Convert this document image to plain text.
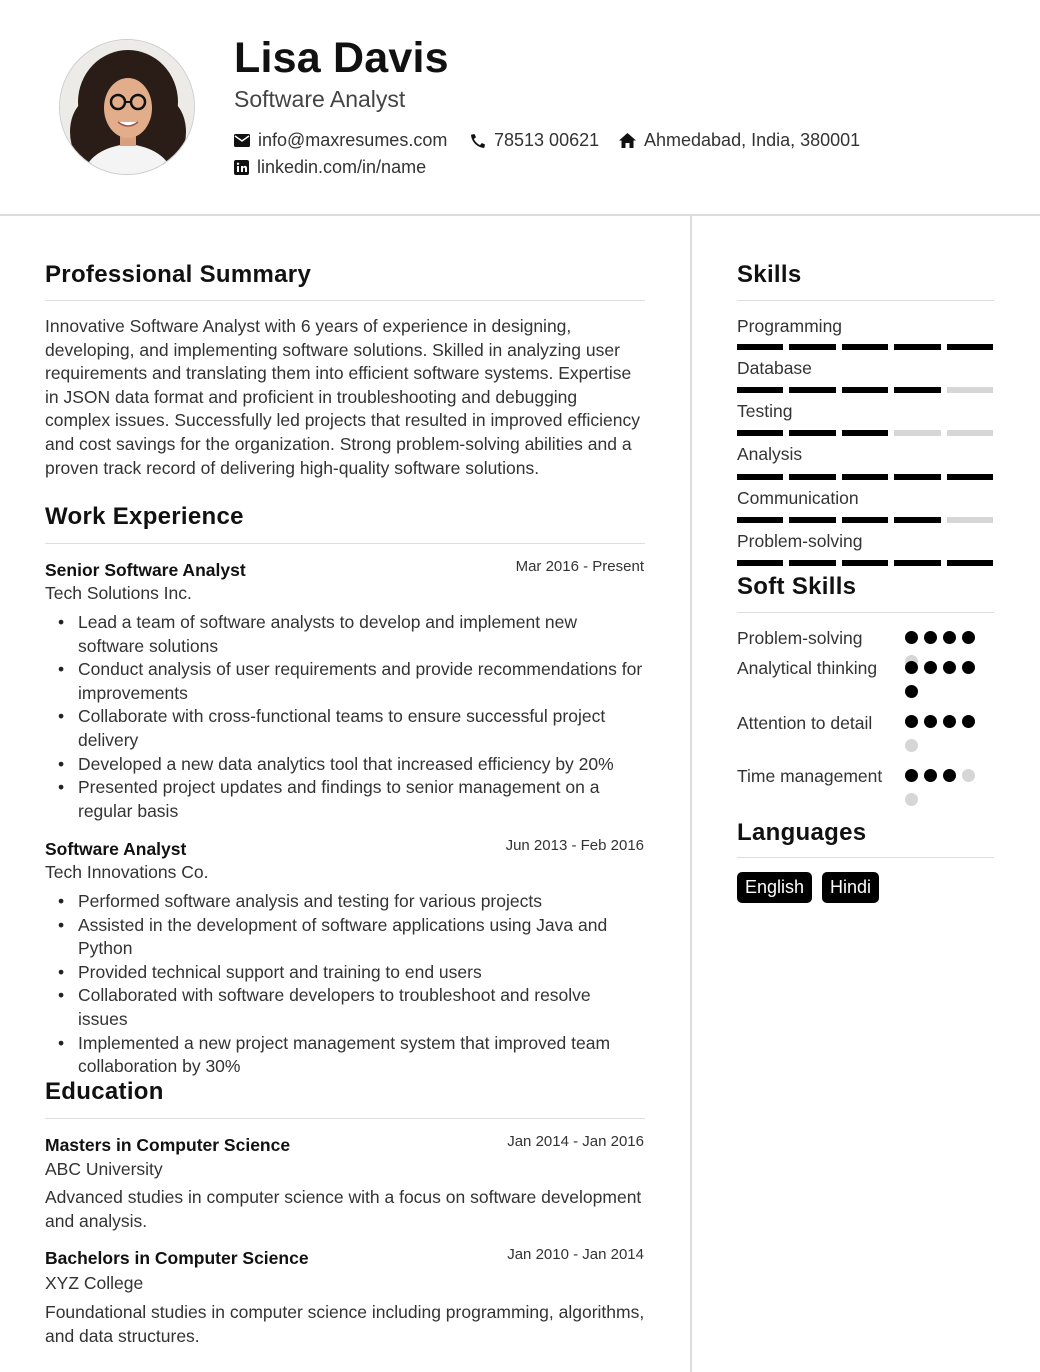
Lisa Davis
Software Analyst
info@maxresumes.com	78513 00621 Ahmedabad, India, 380001
linkedin.com/in/name
Professional Summary
Innovative Software Analyst with 6 years of experience in designing, developing, and implementing software solutions. Skilled in analyzing user requirements and translating them into efficient software systems. Expertise in JSON data format and proficient in troubleshooting and debugging complex issues. Successfully led projects that resulted in improved efficiency and cost savings for the organization. Strong problem-solving abilities and a proven track record of delivering high-quality software solutions.
Work Experience
Senior Software Analyst	Mar 2016 - Present
Tech Solutions Inc.
• Lead a team of software analysts to develop and implement new software solutions
• Conduct analysis of user requirements and provide recommendations for improvements
• Collaborate with cross-functional teams to ensure successful project delivery
• Developed a new data analytics tool that increased efficiency by 20%
• Presented project updates and findings to senior management on a regular basis
Software Analyst	Jun 2013 - Feb 2016
Tech Innovations Co.
• Performed software analysis and testing for various projects
• Assisted in the development of software applications using Java and Python
• Provided technical support and training to end users
• Collaborated with software developers to troubleshoot and resolve issues
• Implemented a new project management system that improved team collaboration by 30%
Education
Masters in Computer Science	Jan 2014 - Jan 2016
ABC University
Advanced studies in computer science with a focus on software development and analysis.
Bachelors in Computer Science	Jan 2010 - Jan 2014
XYZ College
Foundational studies in computer science including programming, algorithms, and data structures.
Skills
Programming
Database
Testing
Analysis
Communication
Problem-solving
Soft Skills
Problem-solving
Analytical thinking
Attention to detail
Time management
Languages
English	Hindi
